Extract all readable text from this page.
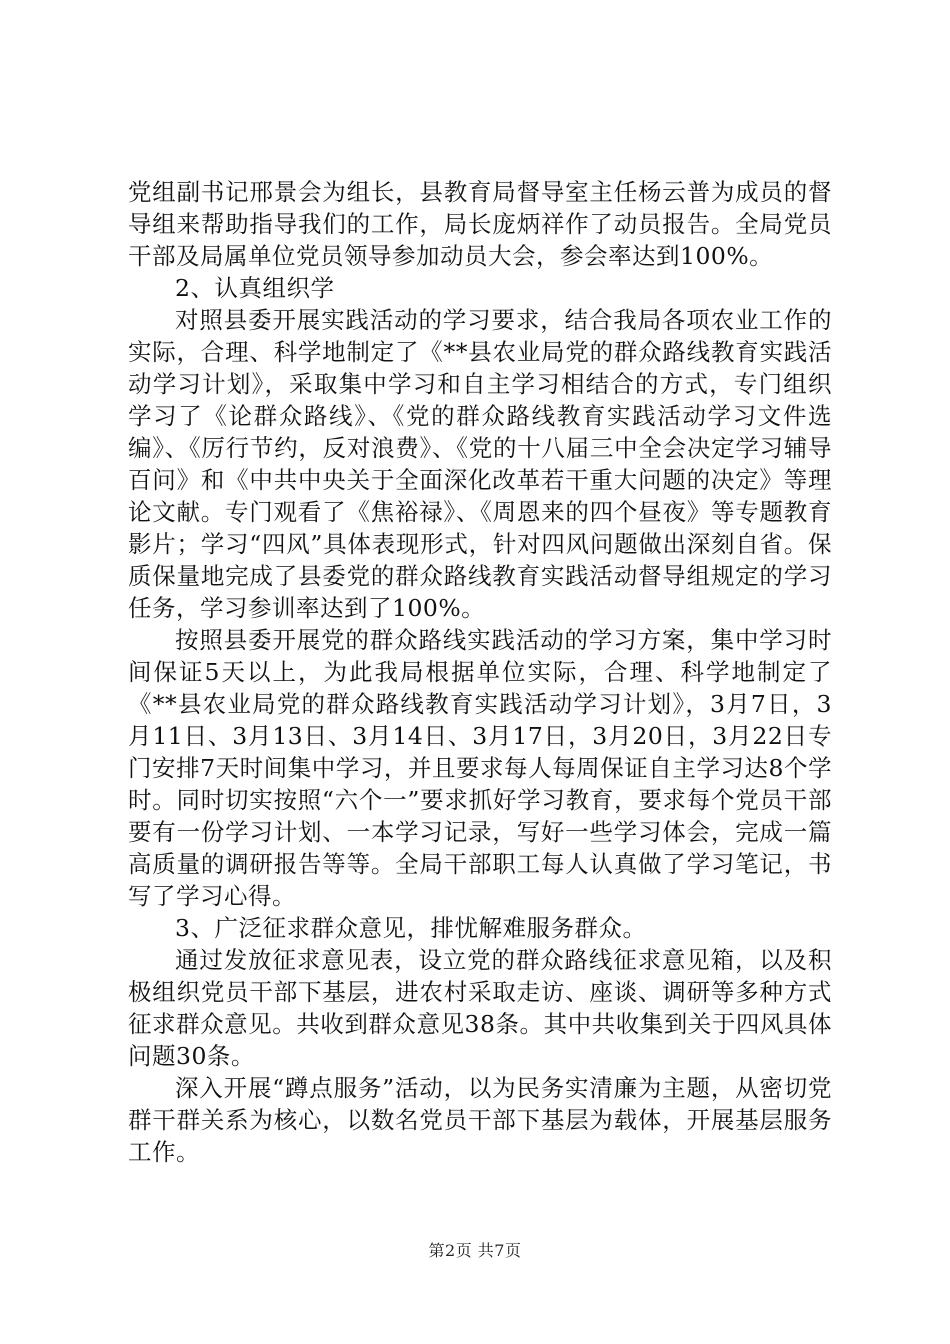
党组副书记邢景会为组长，县教育局督导室主任杨云普为成员的督导组来帮助指导我们的工作，局长庞炳祥作了动员报告。全局党员干部及局属单位党员领导参加动员大会，参会率达到100%。

2、认真组织学

对照县委开展实践活动的学习要求，结合我局各项农业工作的实际，合理、科学地制定了《**县农业局党的群众路线教育实践活动学习计划》，采取集中学习和自主学习相结合的方式，专门组织学习了《论群众路线》、《党的群众路线教育实践活动学习文件选编》、《厉行节约，反对浪费》、《党的十八届三中全会决定学习辅导百问》和《中共中央关于全面深化改革若干重大问题的决定》等理论文献。专门观看了《焦裕禄》、《周恩来的四个昼夜》等专题教育影片；学习“四风”具体表现形式，针对四风问题做出深刻自省。保质保量地完成了县委党的群众路线教育实践活动督导组规定的学习任务，学习参训率达到了100%。

按照县委开展党的群众路线实践活动的学习方案，集中学习时间保证5天以上，为此我局根据单位实际，合理、科学地制定了《**县农业局党的群众路线教育实践活动学习计划》，3月7日，3月11日、3月13日、3月14日、3月17日，3月20日，3月22日专门安排7天时间集中学习，并且要求每人每周保证自主学习达8个学时。同时切实按照“六个一”要求抓好学习教育，要求每个党员干部要有一份学习计划、一本学习记录，写好一些学习体会，完成一篇高质量的调研报告等等。全局干部职工每人认真做了学习笔记，书写了学习心得。

3、广泛征求群众意见，排忧解难服务群众。

通过发放征求意见表，设立党的群众路线征求意见箱，以及积极组织党员干部下基层，进农村采取走访、座谈、调研等多种方式征求群众意见。共收到群众意见38条。其中共收集到关于四风具体问题30条。

深入开展“蹲点服务”活动，以为民务实清廉为主题，从密切党群干群关系为核心，以数名党员干部下基层为载体，开展基层服务工作。

第2页 共7页
